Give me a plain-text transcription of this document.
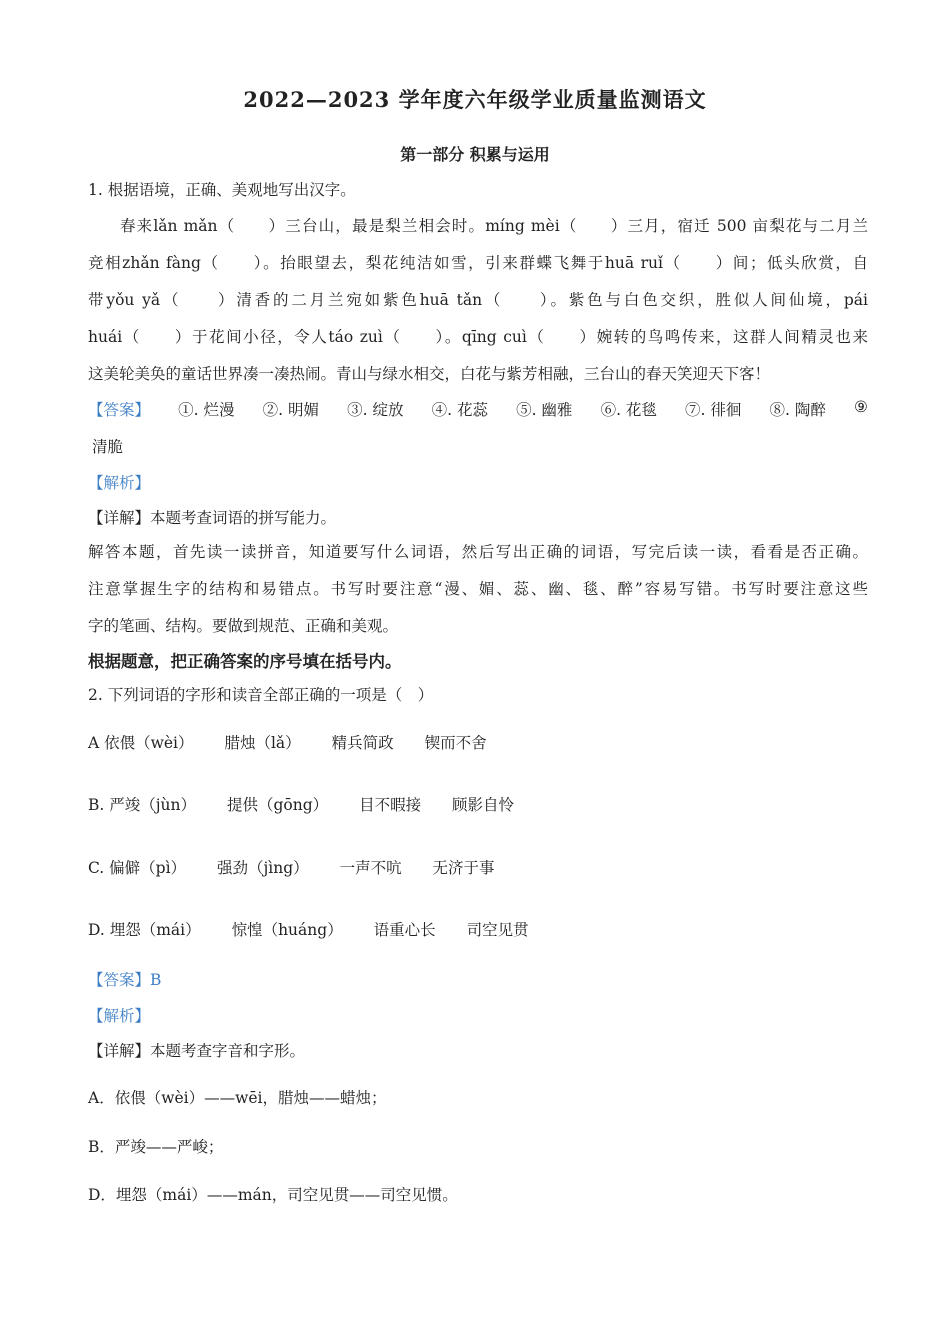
2022—2023 学年度六年级学业质量监测语文
第一部分 积累与运用
1. 根据语境，正确、美观地写出汉字。
春来lǎn mǎn（　　）三台山，最是梨兰相会时。míng mèi（　　）三月，宿迁 500 亩梨花与二月兰
竞相zhǎn fàng（　　）。抬眼望去，梨花纯洁如雪，引来群蝶飞舞于huā ruǐ（　　）间；低头欣赏，自
带yǒu yǎ（　　）清香的二月兰宛如紫色huā tǎn（　　）。紫色与白色交织，胜似人间仙境，pái
huái（　　）于花间小径，令人táo zuì（　　）。qīng cuì（　　）婉转的鸟鸣传来，这群人间精灵也来
这美轮美奂的童话世界凑一凑热闹。青山与绿水相交，白花与紫芳相融，三台山的春天笑迎天下客！
【答案】 ①. 烂漫 ②. 明媚 ③. 绽放 ④. 花蕊 ⑤. 幽雅 ⑥. 花毯 ⑦. 徘徊 ⑧. 陶醉 ⑨
清脆
【解析】
【详解】本题考查词语的拼写能力。
解答本题，首先读一读拼音，知道要写什么词语，然后写出正确的词语，写完后读一读，看看是否正确。
注意掌握生字的结构和易错点。书写时要注意“漫、媚、蕊、幽、毯、醉”容易写错。书写时要注意这些
字的笔画、结构。要做到规范、正确和美观。
根据题意，把正确答案的序号填在括号内。
2. 下列词语的字形和读音全部正确的一项是（　）
A 依偎（wèi） 腊烛（lǎ） 精兵简政 锲而不舍
B. 严竣（jùn） 提供（gōng） 目不暇接 顾影自怜
C. 偏僻（pì） 强劲（jìng） 一声不吭 无济于事
D. 埋怨（mái） 惊惶（huáng） 语重心长 司空见贯
【答案】B
【解析】
【详解】本题考查字音和字形。
A．依偎（wèi）——wēi，腊烛——蜡烛；
B．严竣——严峻；
D．埋怨（mái）——mán，司空见贯——司空见惯。
